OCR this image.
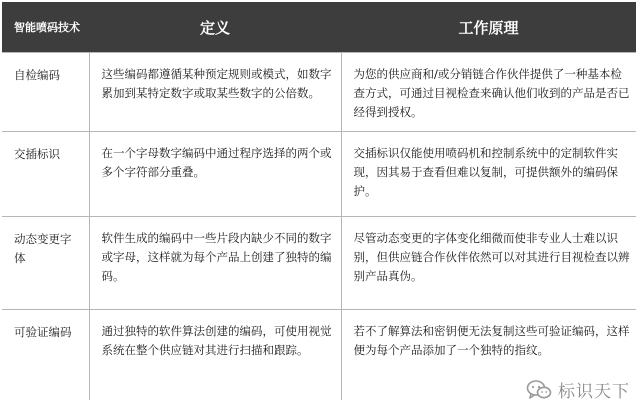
智能喷码技术	定义	工作原理
自检编码	这些编码都遵循某种预定规则或模式，如数字累加到某特定数字或取某些数字的公倍数。	为您的供应商和/或分销链合作伙伴提供了一种基本检查方式，可通过目视检查来确认他们收到的产品是否已经得到授权。
交插标识	在一个字母数字编码中通过程序选择的两个或多个字符部分重叠。	交插标识仅能使用喷码机和控制系统中的定制软件实现，因其易于查看但难以复制，可提供额外的编码保护。
动态变更字体	软件生成的编码中一些片段内缺少不同的数字或字母，这样就为每个产品上创建了独特的编码。	尽管动态变更的字体变化细微而使非专业人士难以识别，但供应链合作伙伴依然可以对其进行目视检查以辨别产品真伪。
可验证编码	通过独特的软件算法创建的编码，可使用视觉系统在整个供应链对其进行扫描和跟踪。	若不了解算法和密钥便无法复制这些可验证编码，这样便为每个产品添加了一个独特的指纹。
标识天下
